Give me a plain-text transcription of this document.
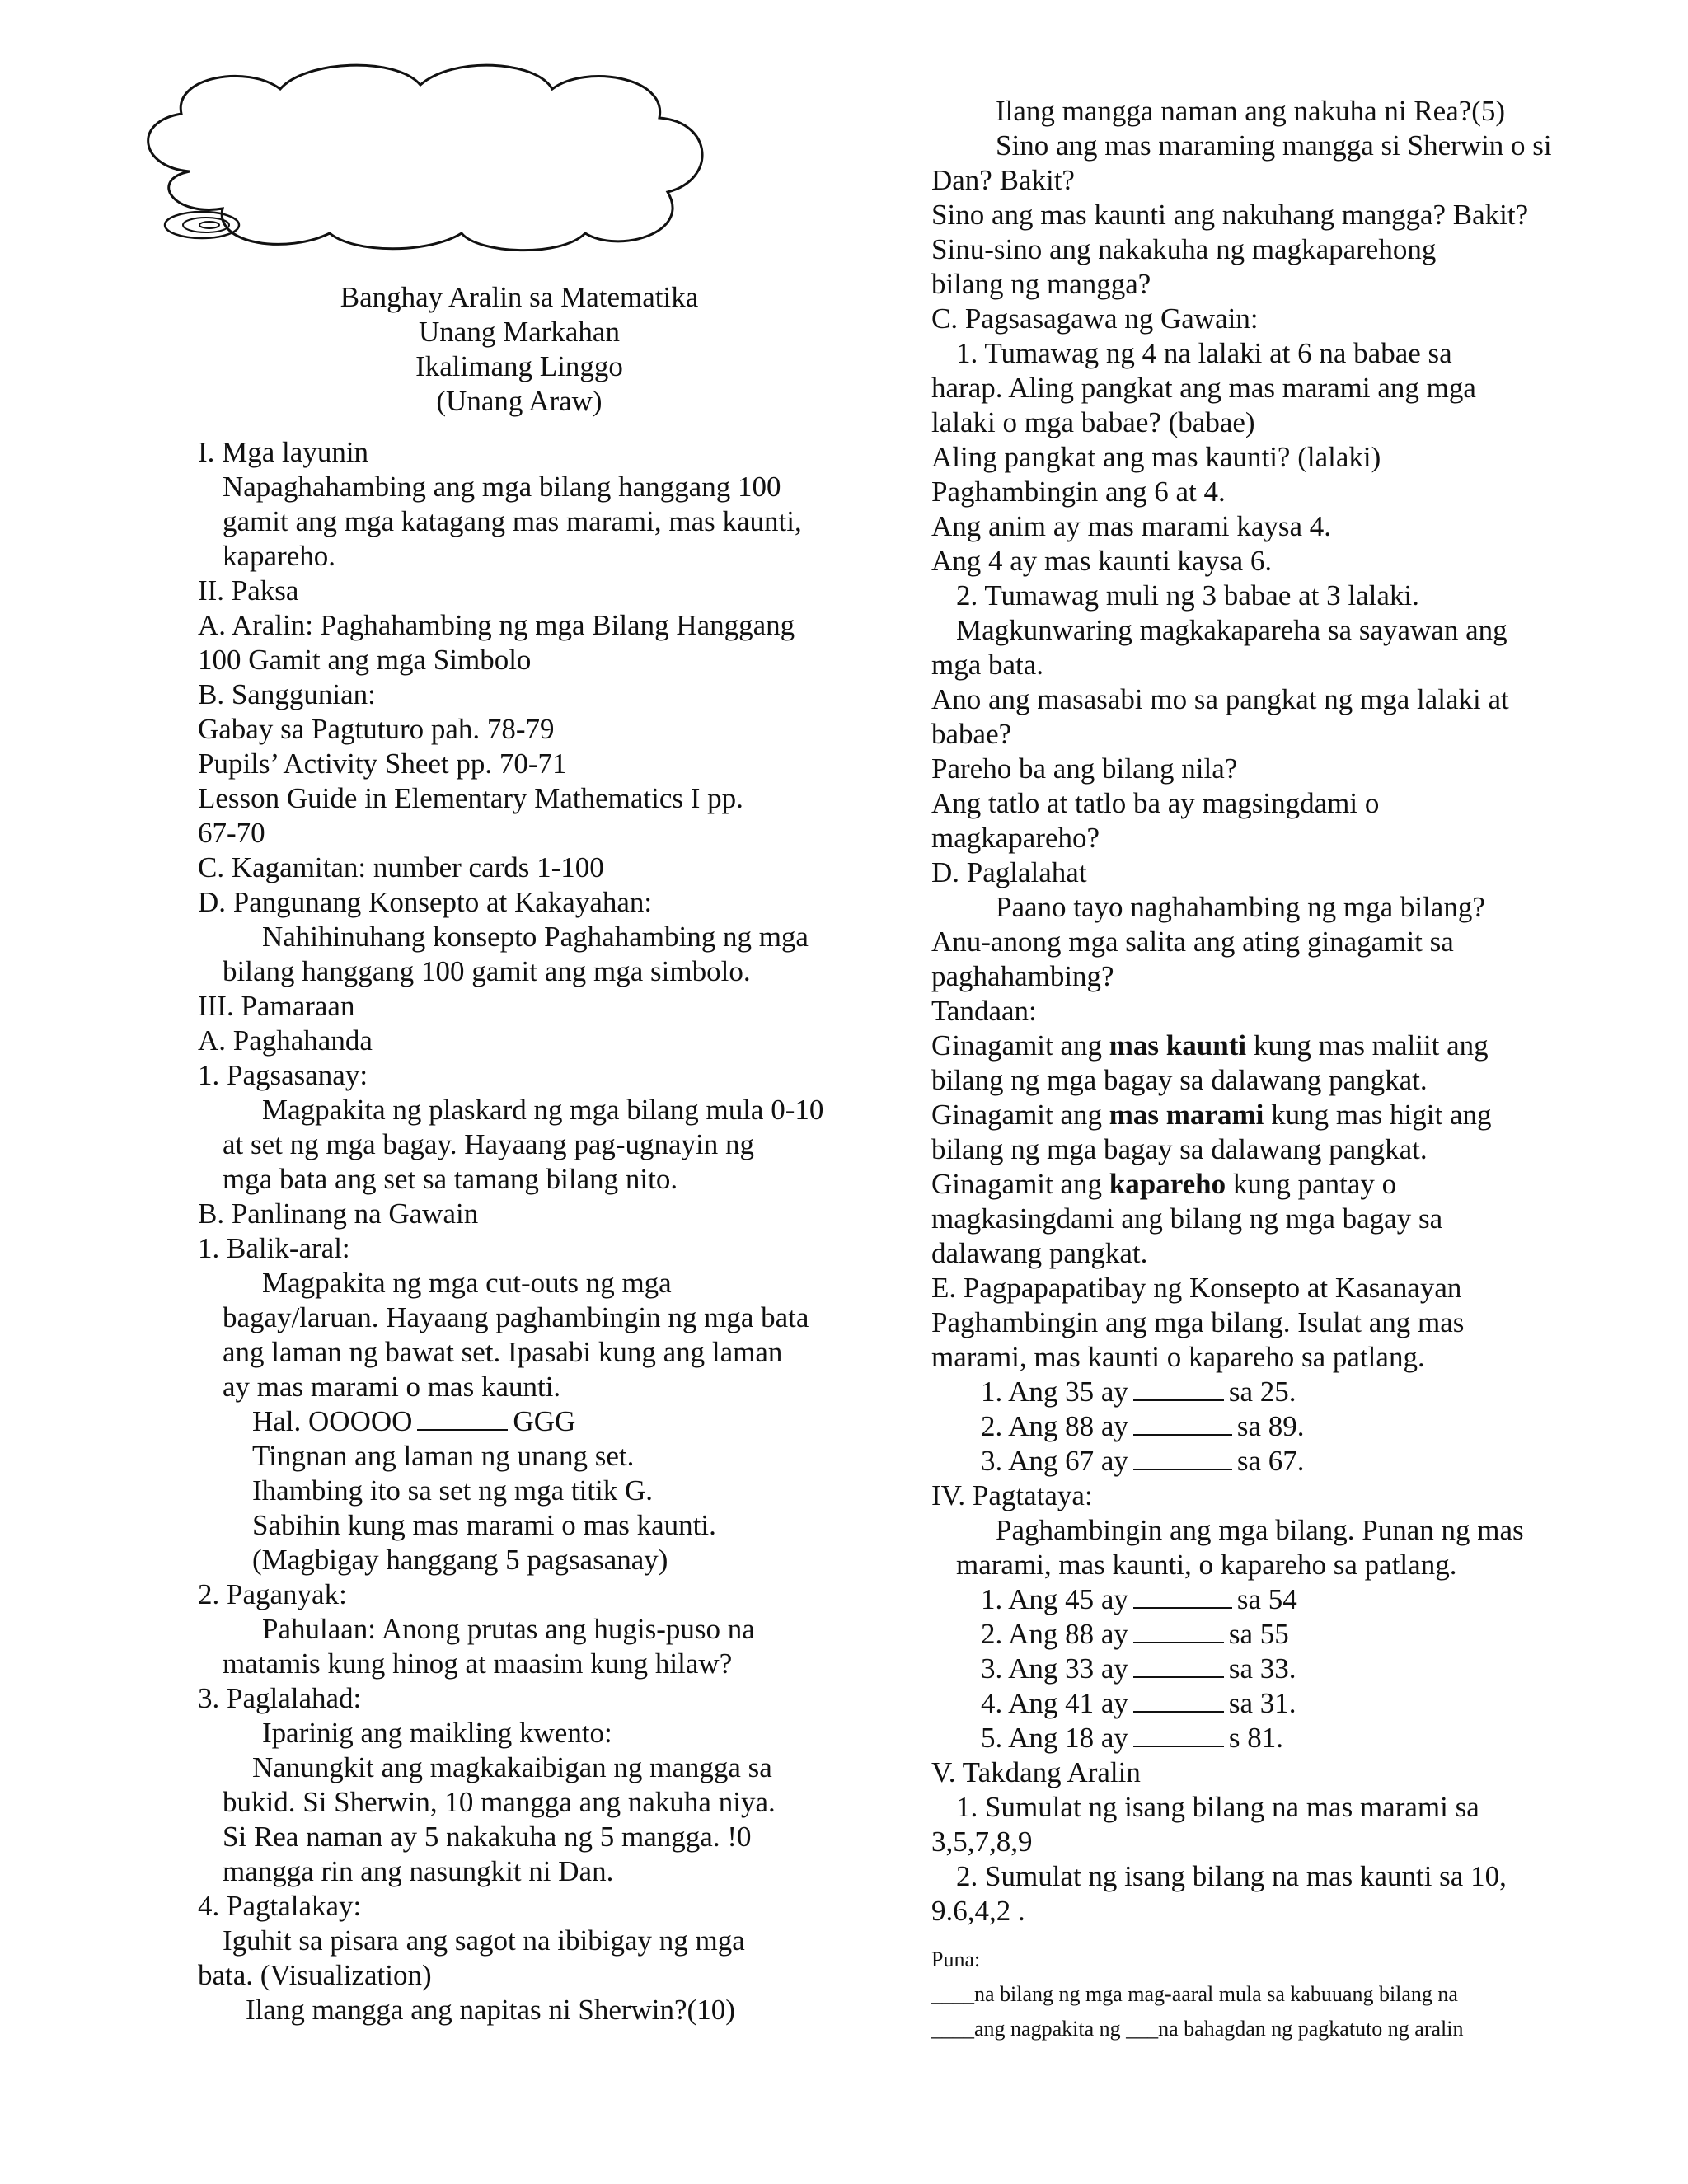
Banghay Aralin sa Matematika
Unang Markahan
Ikalimang Linggo
(Unang Araw)
I. Mga layunin
Napaghahambing ang mga bilang hanggang 100
gamit ang mga katagang mas marami, mas kaunti,
kapareho.
II. Paksa
A. Aralin: Paghahambing ng mga Bilang Hanggang
100 Gamit ang mga Simbolo
B. Sanggunian:
Gabay sa Pagtuturo pah. 78-79
Pupils’ Activity Sheet pp. 70-71
Lesson Guide in Elementary Mathematics I pp.
67-70
C. Kagamitan: number cards 1-100
D. Pangunang Konsepto at Kakayahan:
Nahihinuhang konsepto Paghahambing ng mga
bilang hanggang 100 gamit ang mga simbolo.
III. Pamaraan
A. Paghahanda
1. Pagsasanay:
Magpakita ng plaskard ng mga bilang mula 0-10
at set ng mga bagay. Hayaang pag-ugnayin ng
mga bata ang set sa tamang bilang nito.
B. Panlinang na Gawain
1. Balik-aral:
Magpakita ng mga cut-outs ng mga
bagay/laruan. Hayaang paghambingin ng mga bata
ang laman ng bawat set. Ipasabi kung ang laman
ay mas marami o mas kaunti.
Hal. OOOOO	GGG
Tingnan ang laman ng unang set.
Ihambing ito sa set ng mga titik G.
Sabihin kung mas marami o mas kaunti.
(Magbigay hanggang 5 pagsasanay)
2. Paganyak:
Pahulaan: Anong prutas ang hugis-puso na
matamis kung hinog at maasim kung hilaw?
3. Paglalahad:
Iparinig ang maikling kwento:
Nanungkit ang magkakaibigan ng mangga sa
bukid. Si Sherwin, 10 mangga ang nakuha niya.
Si Rea naman ay 5 nakakuha ng 5 mangga. !0
mangga rin ang nasungkit ni Dan.
4. Pagtalakay:
Iguhit sa pisara ang sagot na ibibigay ng mga
bata. (Visualization)
Ilang mangga ang napitas ni Sherwin?(10)
Ilang mangga naman ang nakuha ni Rea?(5)
Sino ang mas maraming mangga si Sherwin o si
Dan? Bakit?
Sino ang mas kaunti ang nakuhang mangga? Bakit?
Sinu-sino ang nakakuha ng magkaparehong
bilang ng mangga?
C. Pagsasagawa ng Gawain:
1. Tumawag ng 4 na lalaki at 6 na babae sa
harap. Aling pangkat ang mas marami ang mga
lalaki o mga babae? (babae)
Aling pangkat ang mas kaunti? (lalaki)
Paghambingin ang 6 at 4.
Ang anim ay mas marami kaysa 4.
Ang 4 ay mas kaunti kaysa 6.
2. Tumawag muli ng 3 babae at 3 lalaki.
Magkunwaring magkakapareha sa sayawan ang
mga bata.
Ano ang masasabi mo sa pangkat ng mga lalaki at
babae?
Pareho ba ang bilang nila?
Ang tatlo at tatlo ba ay magsingdami o
magkapareho?
D. Paglalahat
Paano tayo naghahambing ng mga bilang?
Anu-anong mga salita ang ating ginagamit sa
paghahambing?
Tandaan:
Ginagamit ang mas kaunti kung mas maliit ang
bilang ng mga bagay sa dalawang pangkat.
Ginagamit ang mas marami kung mas higit ang
bilang ng mga bagay sa dalawang pangkat.
Ginagamit ang kapareho kung pantay o
magkasingdami ang bilang ng mga bagay sa
dalawang pangkat.
E. Pagpapapatibay ng Konsepto at Kasanayan
Paghambingin ang mga bilang. Isulat ang mas
marami, mas kaunti o kapareho sa patlang.
1. Ang 35 ay	sa 25.
2. Ang 88 ay	sa 89.
3. Ang 67 ay	sa 67.
IV. Pagtataya:
Paghambingin ang mga bilang. Punan ng mas
marami, mas kaunti, o kapareho sa patlang.
1. Ang 45 ay	sa 54
2. Ang 88 ay	sa 55
3. Ang 33 ay	sa 33.
4. Ang 41 ay	sa 31.
5. Ang 18 ay	s 81.
V. Takdang Aralin
1. Sumulat ng isang bilang na mas marami sa
3,5,7,8,9
2. Sumulat ng isang bilang na mas kaunti sa 10,
9.6,4,2 .
Puna:
____na bilang ng mga mag-aaral mula sa kabuuang bilang na
____ang nagpakita ng ___na bahagdan ng pagkatuto ng aralin
